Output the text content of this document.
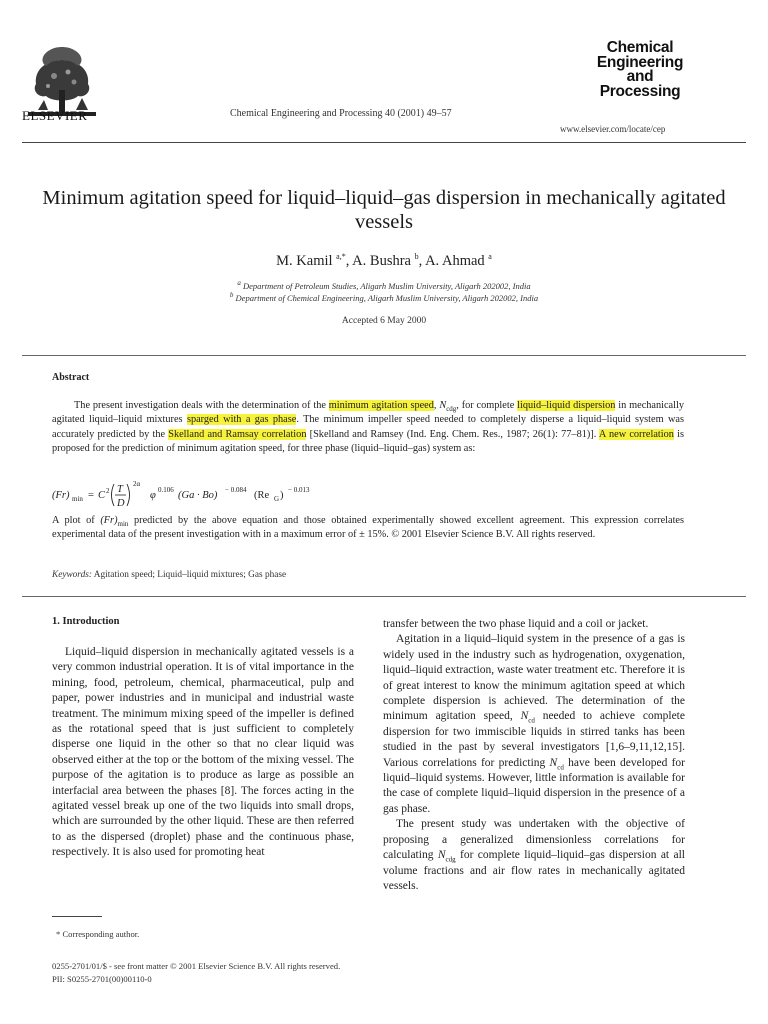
ELSEVIER	Chemical Engineering and Processing 40 (2001) 49–57
Chemical
Engineering
and
Processing
www.elsevier.com/locate/cep
Minimum agitation speed for liquid–liquid–gas dispersion in mechanically agitated vessels
M. Kamil $^{a,*}$, A. Bushra $^b$, A. Ahmad $^a$
$^a$ Department of Petroleum Studies, Aligarh Muslim University, Aligarh 202002, India
$^b$ Department of Chemical Engineering, Aligarh Muslim University, Aligarh 202002, India
Accepted 6 May 2000
Abstract
The present investigation deals with the determination of the minimum agitation speed, $N_{cdg}$, for complete liquid–liquid dispersion in mechanically agitated liquid–liquid mixtures sparged with a gas phase. The minimum impeller speed needed to completely disperse a liquid–liquid system was accurately predicted by the Skelland and Ramsay correlation [Skelland and Ramsey (Ind. Eng. Chem. Res., 1987; 26(1): 77–81)]. A new correlation is proposed for the prediction of minimum agitation speed, for three phase (liquid–liquid–gas) system as:
(Fr) min = C 2 T
D
2α
φ 0.106 (Ga · Bo) − 0.084 (Re G ) − 0.013
A plot of $(Fr)_{min}$ predicted by the above equation and those obtained experimentally showed excellent agreement. This expression correlates experimental data of the present investigation with in a maximum error of ± 15%. © 2001 Elsevier Science B.V. All rights reserved.
Keywords: Agitation speed; Liquid–liquid mixtures; Gas phase
1. Introduction
Liquid–liquid dispersion in mechanically agitated vessels is a very common industrial operation. It is of vital importance in the mining, food, petroleum, chemical, pharmaceutical, pulp and paper, power industries and in municipal and industrial waste treatment. The minimum mixing speed of the impeller is defined as the rotational speed that is just sufficient to completely disperse one liquid in the other so that no clear liquid was observed either at the top or the bottom of the mixing vessel. The purpose of the agitation is to produce as large as possible an interfacial area between the phases [8]. The forces acting in the agitated vessel break up one of the two liquids into small drops, which are surrounded by the other liquid. These are then referred to as the dispersed (droplet) phase and the continuous phase, respectively. It is also used for promoting heat

transfer between the two phase liquid and a coil or jacket.

Agitation in a liquid–liquid system in the presence of a gas is widely used in the industry such as hydrogenation, oxygenation, liquid–liquid extraction, waste water treatment etc. Therefore it is of great interest to know the minimum agitation speed at which complete dispersion is achieved. The determination of the minimum agitation speed, $N_{cd}$ needed to achieve complete dispersion for two immiscible liquids in stirred tanks has been studied in the past by several investigators [1,6–9,11,12,15]. Various correlations for predicting $N_{cd}$ have been developed for liquid–liquid systems. However, little information is available for the case of complete liquid–liquid dispersion in the presence of a gas phase.

The present study was undertaken with the objective of proposing a generalized dimensionless correlations for calculating $N_{cdg}$ for complete liquid–liquid–gas dispersion at all volume fractions and air flow rates in mechanically agitated vessels.

* Corresponding author.
0255-2701/01/$ - see front matter © 2001 Elsevier Science B.V. All rights reserved.
PII: S0255-2701(00)00110-0
